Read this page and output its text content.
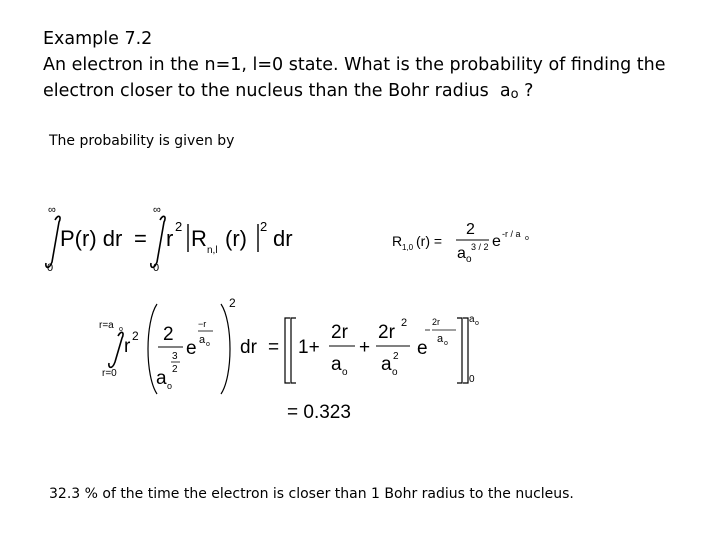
Example 7.2
An electron in the n=1, l=0 state. What is the probability of finding the
electron closer to the nucleus than the Bohr radius  ao ?
The probability is given by
∞
0
P(r) dr =
∞
0
r 2 R n,l (r) 2 dr	R 1,0 (r) =
2
a o
3 / 2 e -r / a o
r=a o
r=0
r 2 2
3
2
a o
e
−r
a o
2
dr = 1+
2r
a o
+
2r 2
a o
2 e
2r
a o
a o
0
= 0.323
32.3 % of the time the electron is closer than 1 Bohr radius to the nucleus.
